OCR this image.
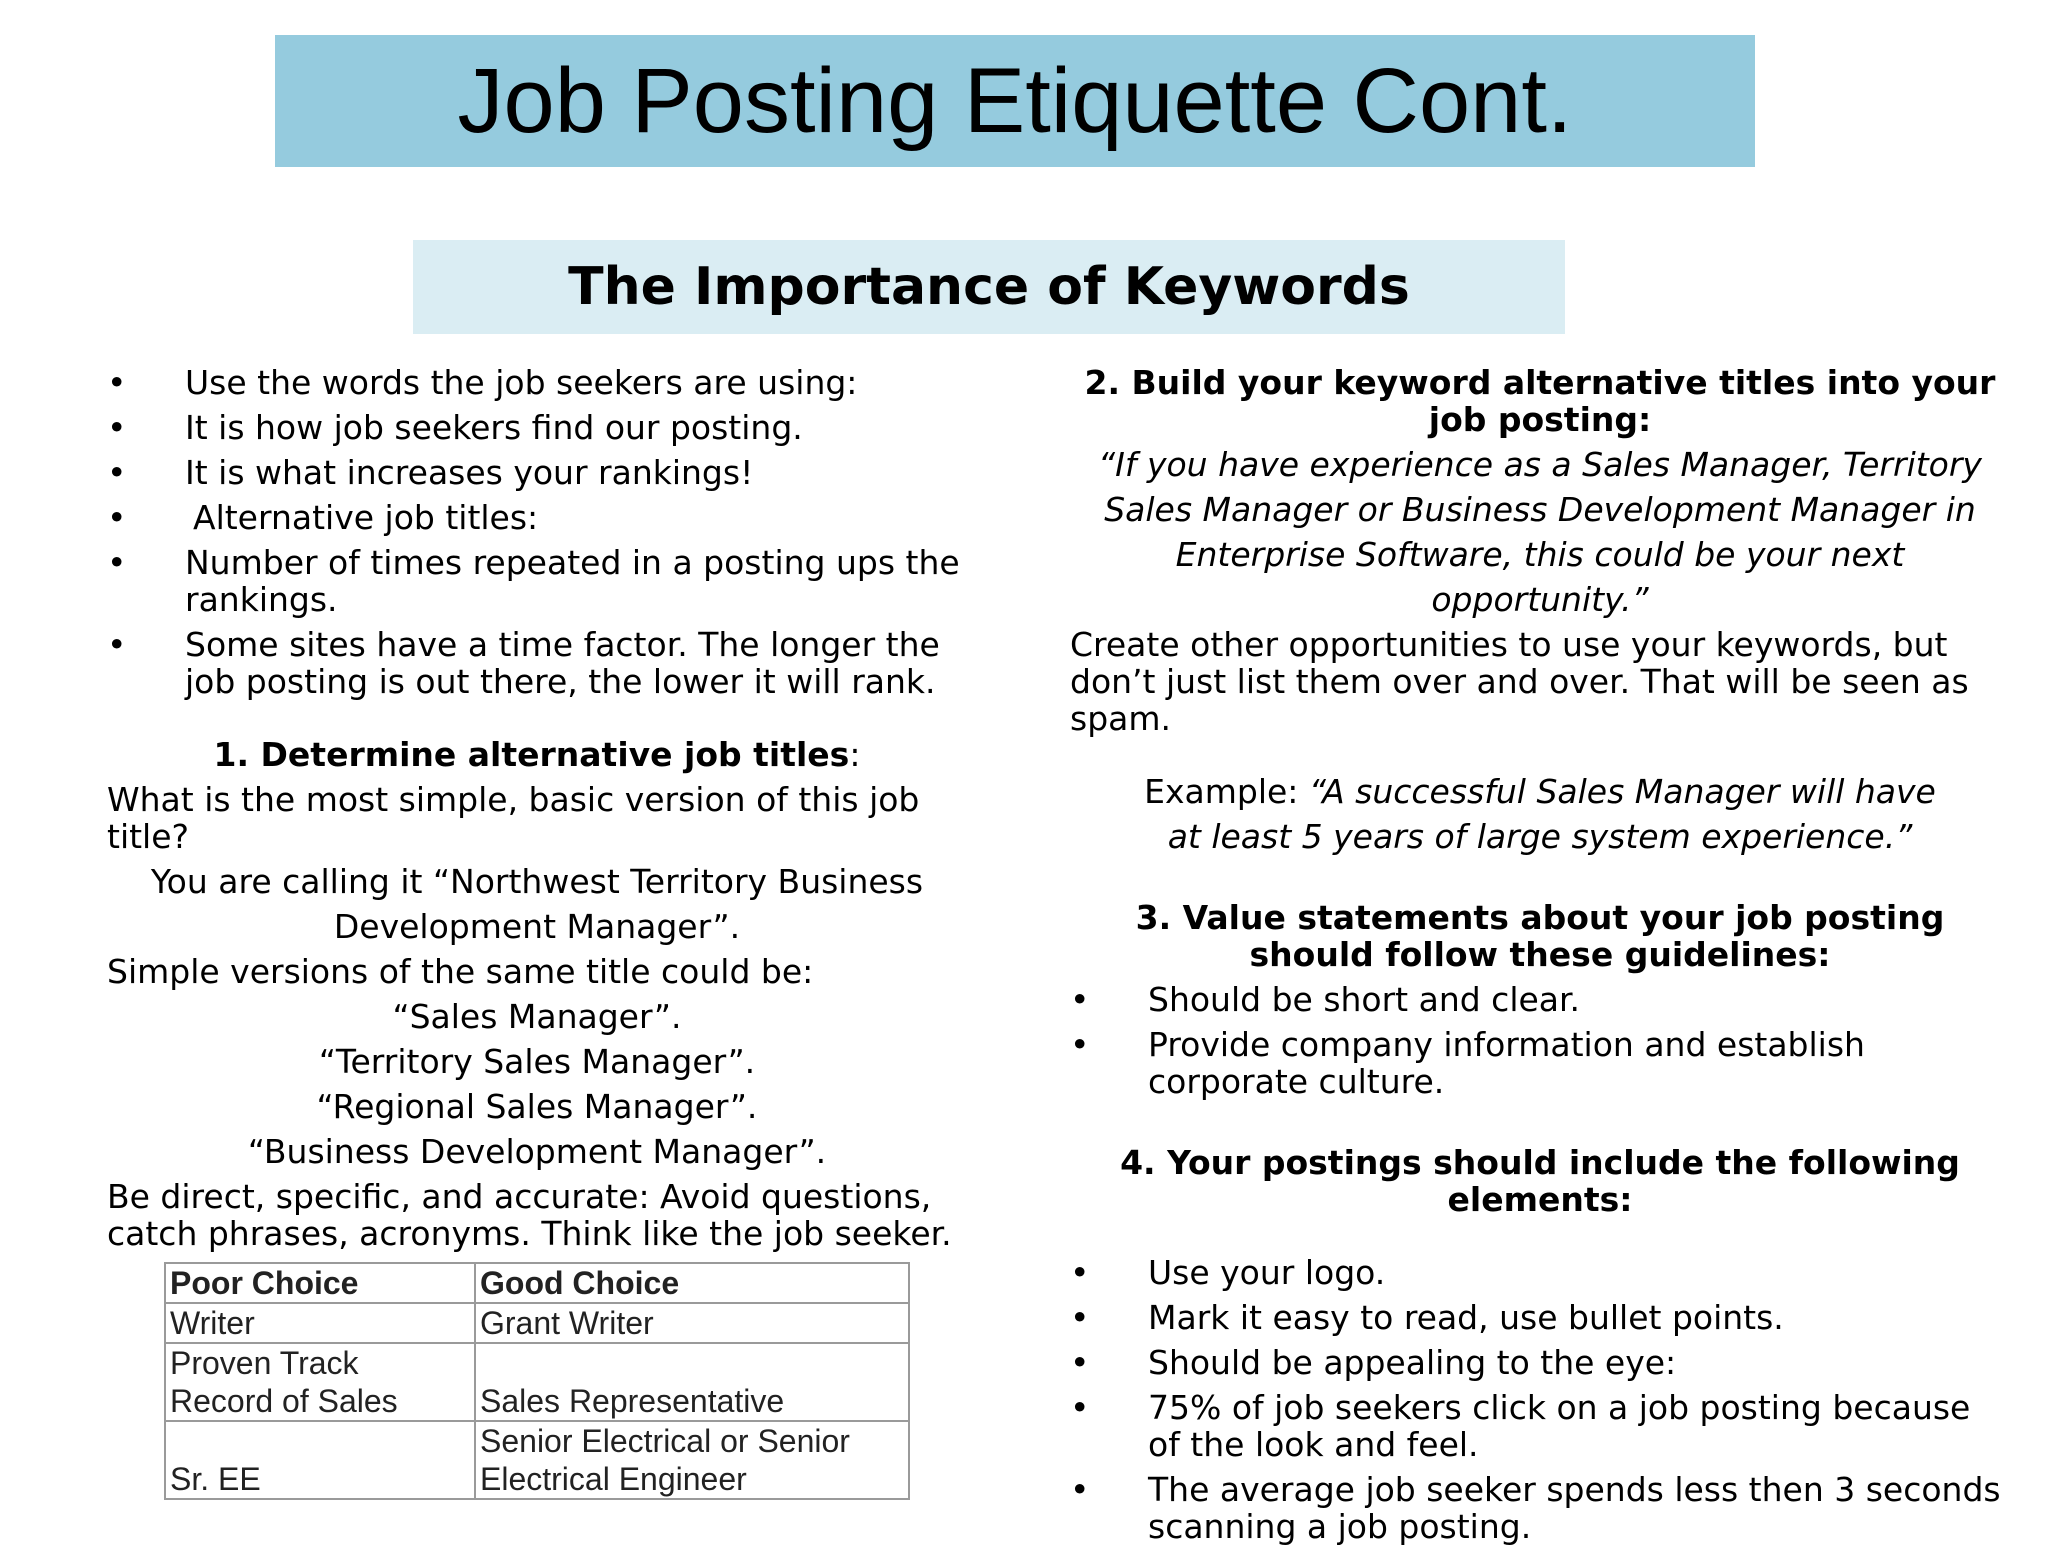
Job Posting Etiquette Cont.
The Importance of Keywords
•	Use the words the job seekers are using:
•	It is how job seekers find our posting.
•	It is what increases your rankings!
•	Alternative job titles:
•	Number of times repeated in a posting ups the rankings.
•	Some sites have a time factor. The longer the job posting is out there, the lower it will rank.
1. Determine alternative job titles:
What is the most simple, basic version of this job title?
You are calling it “Northwest Territory Business
Development Manager”.
Simple versions of the same title could be:
“Sales Manager”.
“Territory Sales Manager”.
“Regional Sales Manager”.
“Business Development Manager”.
Be direct, specific, and accurate: Avoid questions, catch phrases, acronyms. Think like the job seeker.
Poor Choice	Good Choice
Writer	Grant Writer
Proven Track Record of Sales	Sales Representative
Sr. EE	Senior Electrical or Senior Electrical Engineer
2. Build your keyword alternative titles into your job posting:
“If you have experience as a Sales Manager, Territory
Sales Manager or Business Development Manager in
Enterprise Software, this could be your next
opportunity.”
Create other opportunities to use your keywords, but don’t just list them over and over. That will be seen as spam.
Example: “A successful Sales Manager will have
at least 5 years of large system experience.”
3. Value statements about your job posting should follow these guidelines:
•	Should be short and clear.
•	Provide company information and establish corporate culture.
4. Your postings should include the following elements:
•	Use your logo.
•	Mark it easy to read, use bullet points.
•	Should be appealing to the eye:
•	75% of job seekers click on a job posting because of the look and feel.
•	The average job seeker spends less then 3 seconds scanning a job posting.
